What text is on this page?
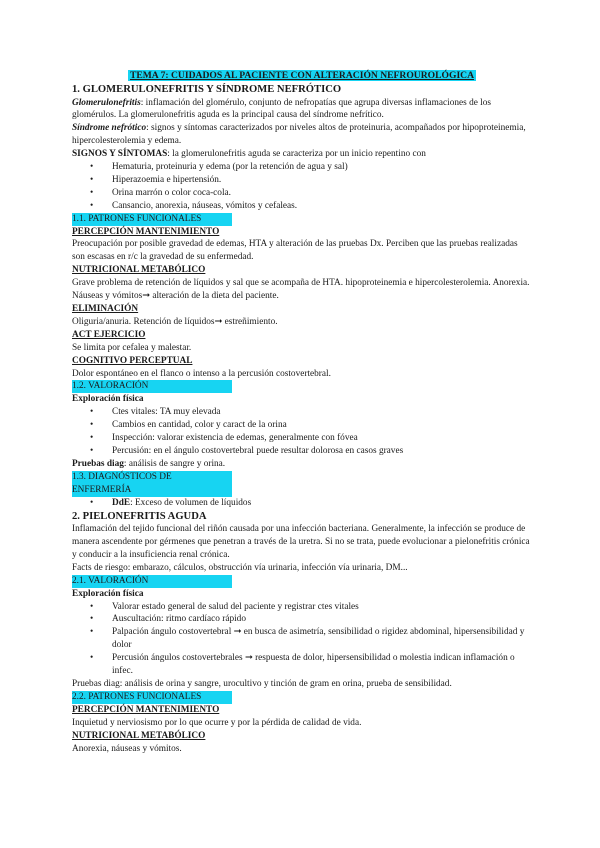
TEMA 7: CUIDADOS AL PACIENTE CON ALTERACIÓN NEFROUROLÓGICA
1. GLOMERULONEFRITIS Y SÍNDROME NEFRÓTICO

Glomerulonefritis: inflamación del glomérulo, conjunto de nefropatías que agrupa diversas inflamaciones de los glomérulos. La glomerulonefritis aguda es la principal causa del síndrome nefrítico.

Síndrome nefrótico: signos y síntomas caracterizados por niveles altos de proteinuria, acompañados por hipoproteinemia, hipercolesterolemia y edema.

SIGNOS Y SÍNTOMAS: la glomerulonefritis aguda se caracteriza por un inicio repentino con

• Hematuria, proteinuria y edema (por la retención de agua y sal)
• Hiperazoemia e hipertensión.
• Orina marrón o color coca-cola.
• Cansancio, anorexia, náuseas, vómitos y cefaleas.

1.1. PATRONES FUNCIONALES

PERCEPCIÓN MANTENIMIENTO

Preocupación por posible gravedad de edemas, HTA y alteración de las pruebas Dx. Perciben que las pruebas realizadas son escasas en r/c la gravedad de su enfermedad.

NUTRICIONAL METABÓLICO

Grave problema de retención de líquidos y sal que se acompaña de HTA. hipoproteinemia e hipercolesterolemia. Anorexia. Náuseas y vómitos➞ alteración de la dieta del paciente.

ELIMINACIÓN

Oliguria/anuria. Retención de líquidos➞ estreñimiento.

ACT EJERCICIO

Se limita por cefalea y malestar.

COGNITIVO PERCEPTUAL

Dolor espontáneo en el flanco o intenso a la percusión costovertebral.

1.2. VALORACIÓN

Exploración física

• Ctes vitales: TA muy elevada
• Cambios en cantidad, color y caract de la orina
• Inspección: valorar existencia de edemas, generalmente con fóvea
• Percusión: en el ángulo costovertebral puede resultar dolorosa en casos graves

Pruebas diag: análisis de sangre y orina.

1.3. DIAGNÓSTICOS DE ENFERMERÍA

• DdE: Exceso de volumen de líquidos
2. PIELONEFRITIS AGUDA

Inflamación del tejido funcional del riñón causada por una infección bacteriana. Generalmente, la infección se produce de manera ascendente por gérmenes que penetran a través de la uretra. Si no se trata, puede evolucionar a pielonefritis crónica y conducir a la insuficiencia renal crónica.

Facts de riesgo: embarazo, cálculos, obstrucción vía urinaria, infección vía urinaria, DM...

2.1. VALORACIÓN

Exploración física

• Valorar estado general de salud del paciente y registrar ctes vitales
• Auscultación: ritmo cardíaco rápido
• Palpación ángulo costovertebral ➞ en busca de asimetría, sensibilidad o rigidez abdominal, hipersensibilidad y dolor
• Percusión ángulos costovertebrales ➞ respuesta de dolor, hipersensibilidad o molestia indican inflamación o infec.

Pruebas diag: análisis de orina y sangre, urocultivo y tinción de gram en orina, prueba de sensibilidad.

2.2. PATRONES FUNCIONALES

PERCEPCIÓN MANTENIMIENTO

Inquietud y nerviosismo por lo que ocurre y por la pérdida de calidad de vida.

NUTRICIONAL METABÓLICO

Anorexia, náuseas y vómitos.
